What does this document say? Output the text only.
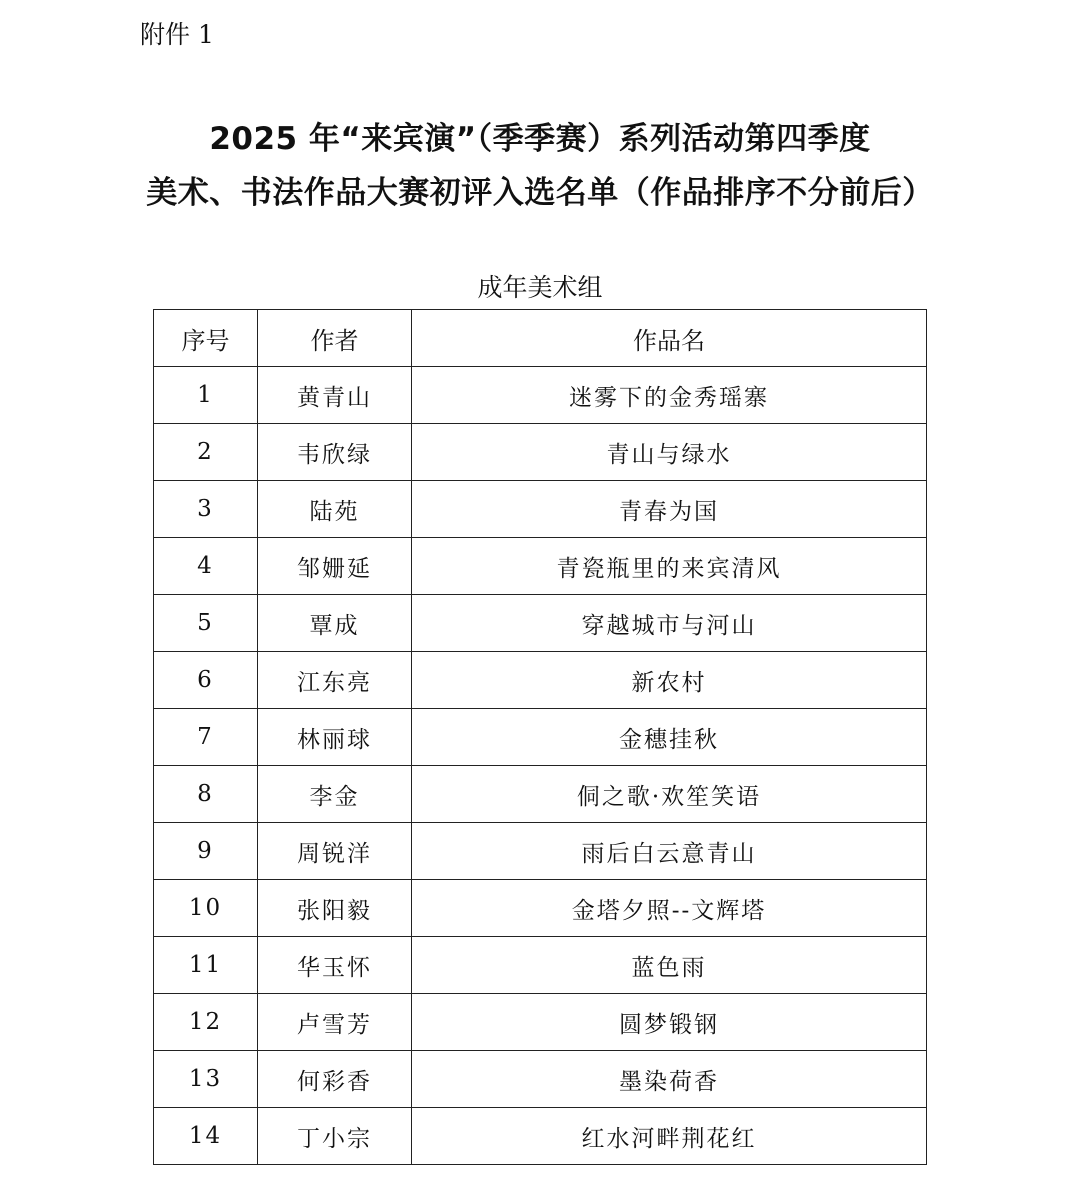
附件 1
2025 年“来宾演”（季季赛）系列活动第四季度
美术、书法作品大赛初评入选名单（作品排序不分前后）
成年美术组
序号	作者	作品名
1	黄青山	迷雾下的金秀瑶寨
2	韦欣绿	青山与绿水
3	陆苑	青春为国
4	邹姗延	青瓷瓶里的来宾清风
5	覃成	穿越城市与河山
6	江东亮	新农村
7	林丽球	金穗挂秋
8	李金	侗之歌·欢笙笑语
9	周锐洋	雨后白云意青山
10	张阳毅	金塔夕照--文辉塔
11	华玉怀	蓝色雨
12	卢雪芳	圆梦锻钢
13	何彩香	墨染荷香
14	丁小宗	红水河畔荆花红
